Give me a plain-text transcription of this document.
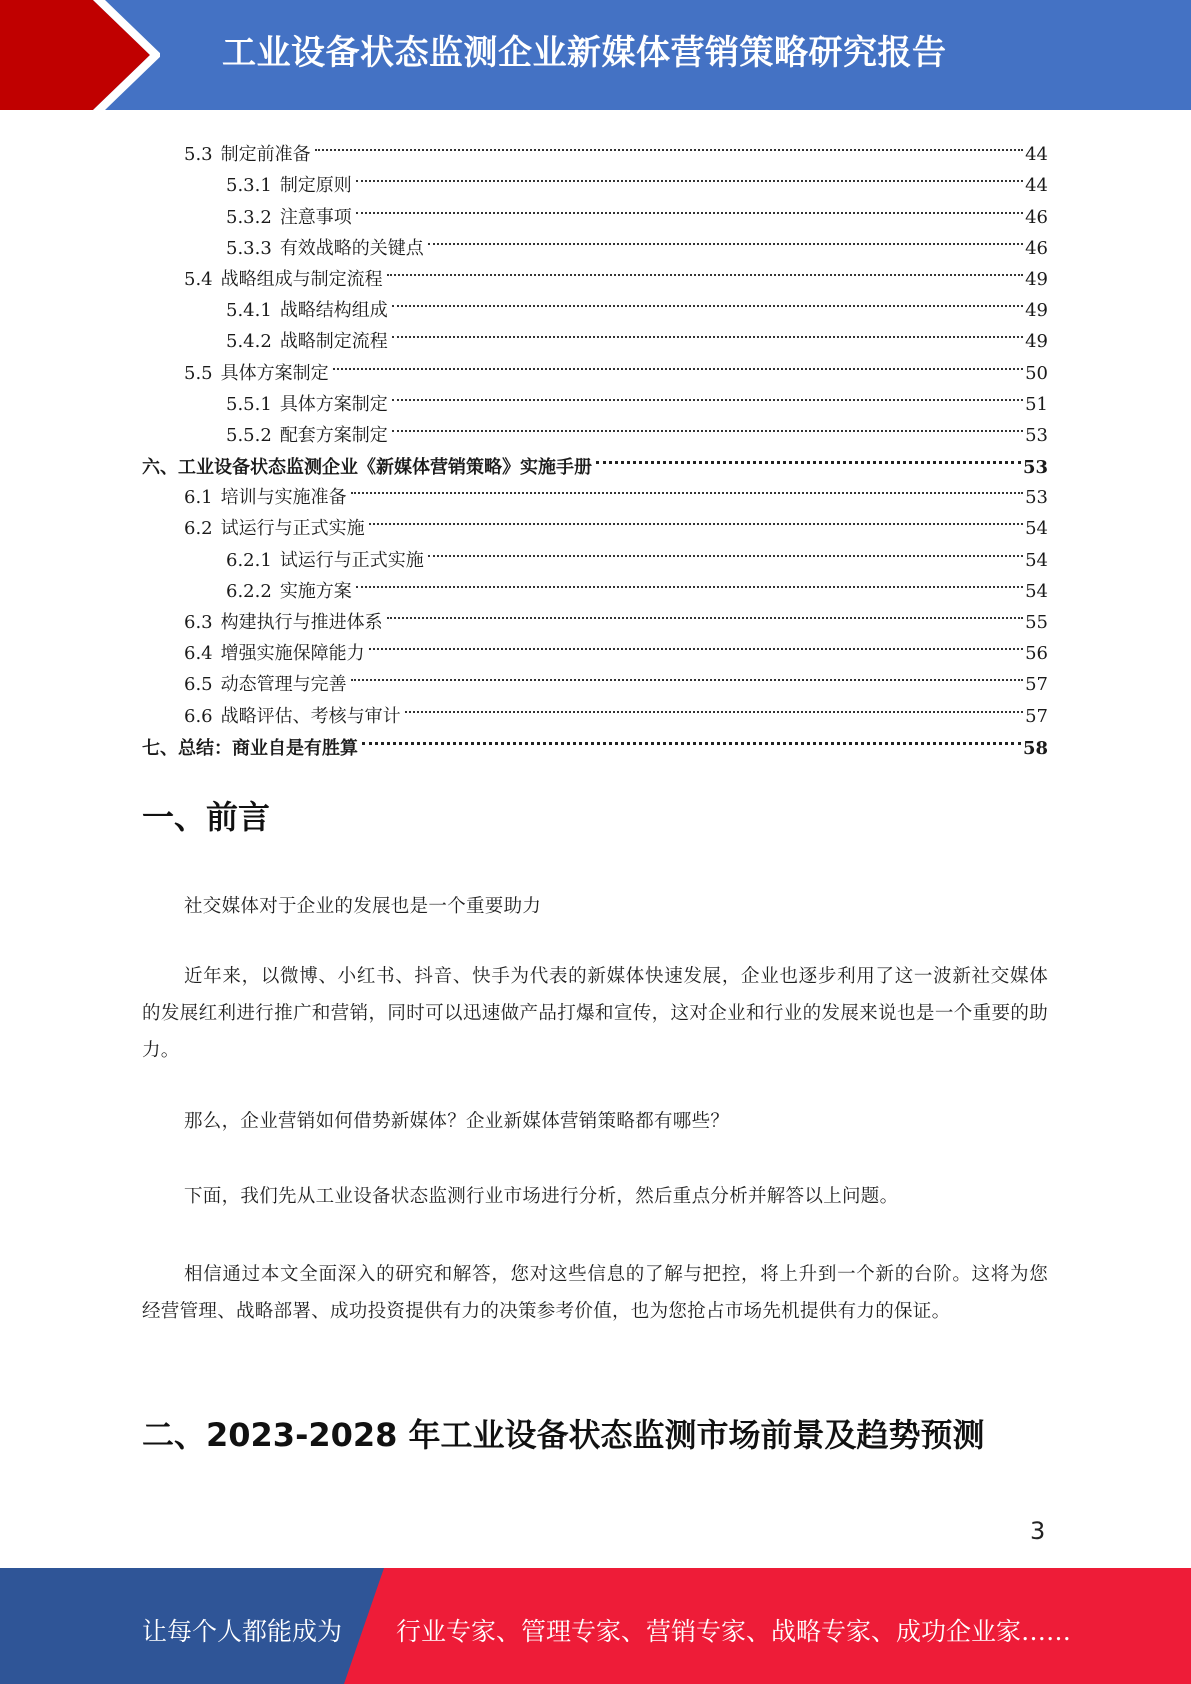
工业设备状态监测企业新媒体营销策略研究报告
5.3 制定前准备	44
5.3.1 制定原则	44
5.3.2 注意事项	46
5.3.3 有效战略的关键点	46
5.4 战略组成与制定流程	49
5.4.1 战略结构组成	49
5.4.2 战略制定流程	49
5.5 具体方案制定	50
5.5.1 具体方案制定	51
5.5.2 配套方案制定	53
六、 工业设备状态监测企业《新媒体营销策略》实施手册	53
6.1 培训与实施准备	53
6.2 试运行与正式实施	54
6.2.1 试运行与正式实施	54
6.2.2 实施方案	54
6.3 构建执行与推进体系	55
6.4 增强实施保障能力	56
6.5 动态管理与完善	57
6.6 战略评估、考核与审计	57
七、 总结：商业自是有胜算	58
一、前言

社交媒体对于企业的发展也是一个重要助力

近年来，以微博、小红书、抖音、快手为代表的新媒体快速发展，企业也逐步利用了这一波新社交媒体的发展红利进行推广和营销，同时可以迅速做产品打爆和宣传，这对企业和行业的发展来说也是一个重要的助力。

那么，企业营销如何借势新媒体？企业新媒体营销策略都有哪些？

下面，我们先从工业设备状态监测行业市场进行分析，然后重点分析并解答以上问题。

相信通过本文全面深入的研究和解答，您对这些信息的了解与把控，将上升到一个新的台阶。这将为您经营管理、战略部署、成功投资提供有力的决策参考价值，也为您抢占市场先机提供有力的保证。

二、2023-2028 年工业设备状态监测市场前景及趋势预测
3
让每个人都能成为 行业专家、管理专家、营销专家、战略专家、成功企业家……
